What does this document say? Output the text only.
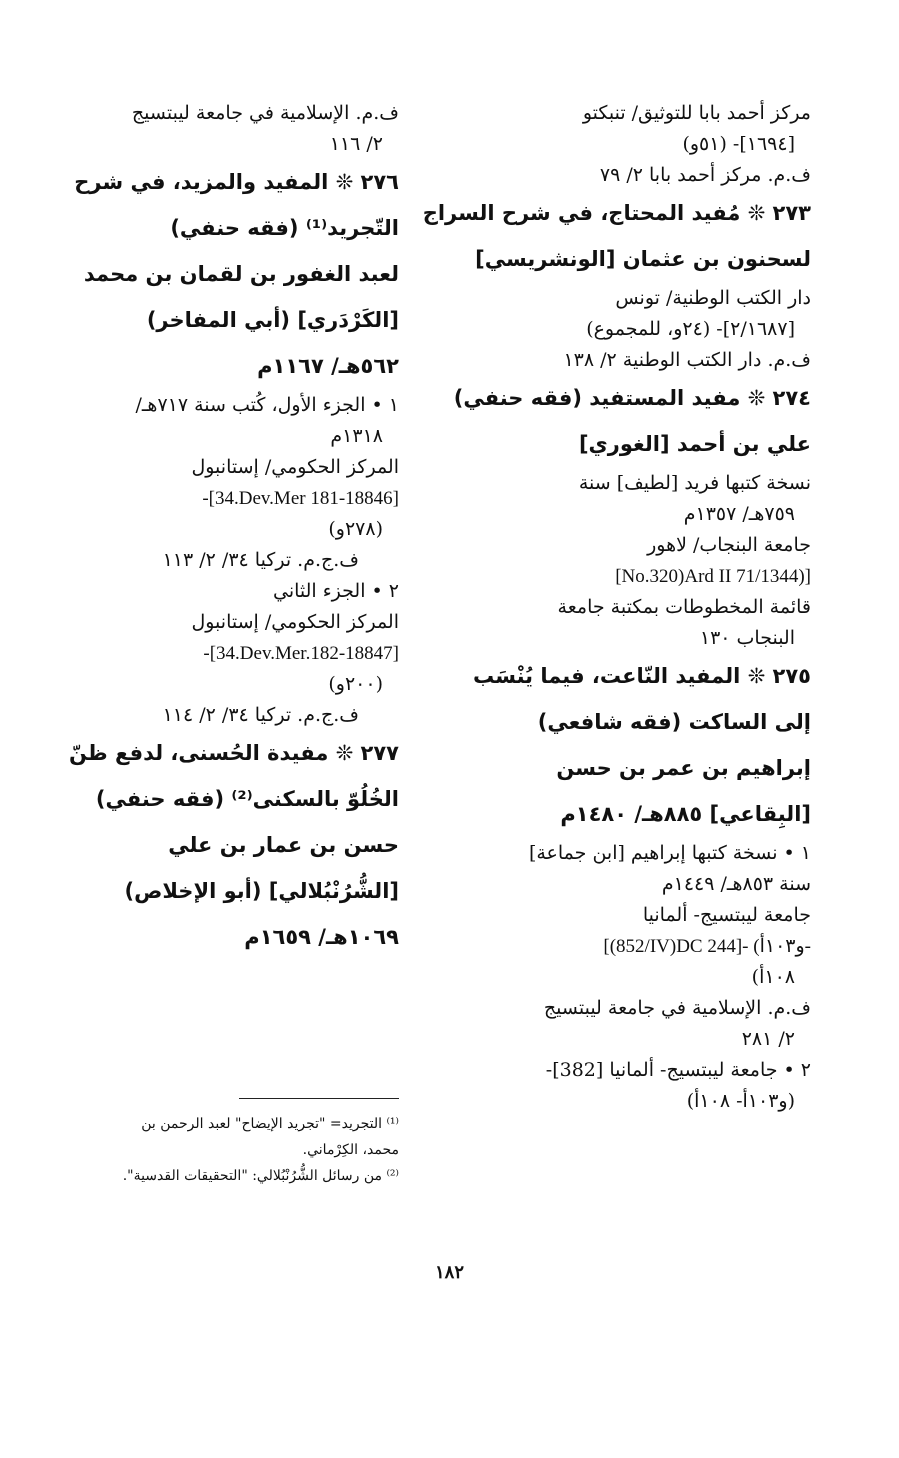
مركز أحمد بابا للتوثيق/ تنبكتو
[١٦٩٤]- (٥١و)
ف.م. مركز أحمد بابا ٢/ ٧٩
٢٧٣ ❊ مُفيد المحتاج، في شرح السراج
لسحنون بن عثمان [الونشريسي]
دار الكتب الوطنية/ تونس
[٢/١٦٨٧]- (٢٤و، للمجموع)
ف.م. دار الكتب الوطنية ٢/ ١٣٨
٢٧٤ ❊ مفيد المستفيد (فقه حنفي)
علي بن أحمد [الغوري]
نسخة كتبها فريد [لطيف] سنة
٧٥٩هـ/ ١٣٥٧م
جامعة البنجاب/ لاهور
[No.320)Ard II 71/1344)]
قائمة المخطوطات بمكتبة جامعة
البنجاب ١٣٠
٢٧٥ ❊ المفيد النّاعت، فيما يُنْسَب
إلى الساكت (فقه شافعي)
إبراهيم بن عمر بن حسن
[البِقاعي] ٨٨٥هـ/ ١٤٨٠م
١ • نسخة كتبها إبراهيم [ابن جماعة]
سنة ٨٥٣هـ/ ١٤٤٩م
جامعة ليبتسيج- ألمانيا
[(852/IV)DC 244]- (و١٠٣أ-
١٠٨أ)
ف.م. الإسلامية في جامعة ليبتسيج
٢/ ٢٨١
٢ • جامعة ليبتسيج- ألمانيا [382]-
(و١٠٣أ- ١٠٨أ)
ف.م. الإسلامية في جامعة ليبتسيج
٢/ ١١٦
٢٧٦ ❊ المفيد والمزيد، في شرح
التّجريد⁽¹⁾ (فقه حنفي)
لعبد الغفور بن لقمان بن محمد
[الكَرْدَري] (أبي المفاخر)
٥٦٢هـ/ ١١٦٧م
١ • الجزء الأول، كُتب سنة ٧١٧هـ/
١٣١٨م
المركز الحكومي/ إستانبول
-[34.Dev.Mer 181-18846]
(٢٧٨و)
ف.ج.م. تركيا ٣٤/ ٢/ ١١٣
٢ • الجزء الثاني
المركز الحكومي/ إستانبول
-[34.Dev.Mer.182-18847]
(٢٠٠و)
ف.ج.م. تركيا ٣٤/ ٢/ ١١٤
٢٧٧ ❊ مفيدة الحُسنى، لدفع ظنّ
الخُلُوّ بالسكنى⁽²⁾ (فقه حنفي)
حسن بن عمار بن علي
[الشُّرُنْبُلالي] (أبو الإخلاص)
١٠٦٩هـ/ ١٦٥٩م
⁽¹⁾ التجريد= "تجريد الإيضاح" لعبد الرحمن بن
محمد، الكِرْماني.
⁽²⁾ من رسائل الشُّرُنْبُلالي: "التحقيقات القدسية".
١٨٢
